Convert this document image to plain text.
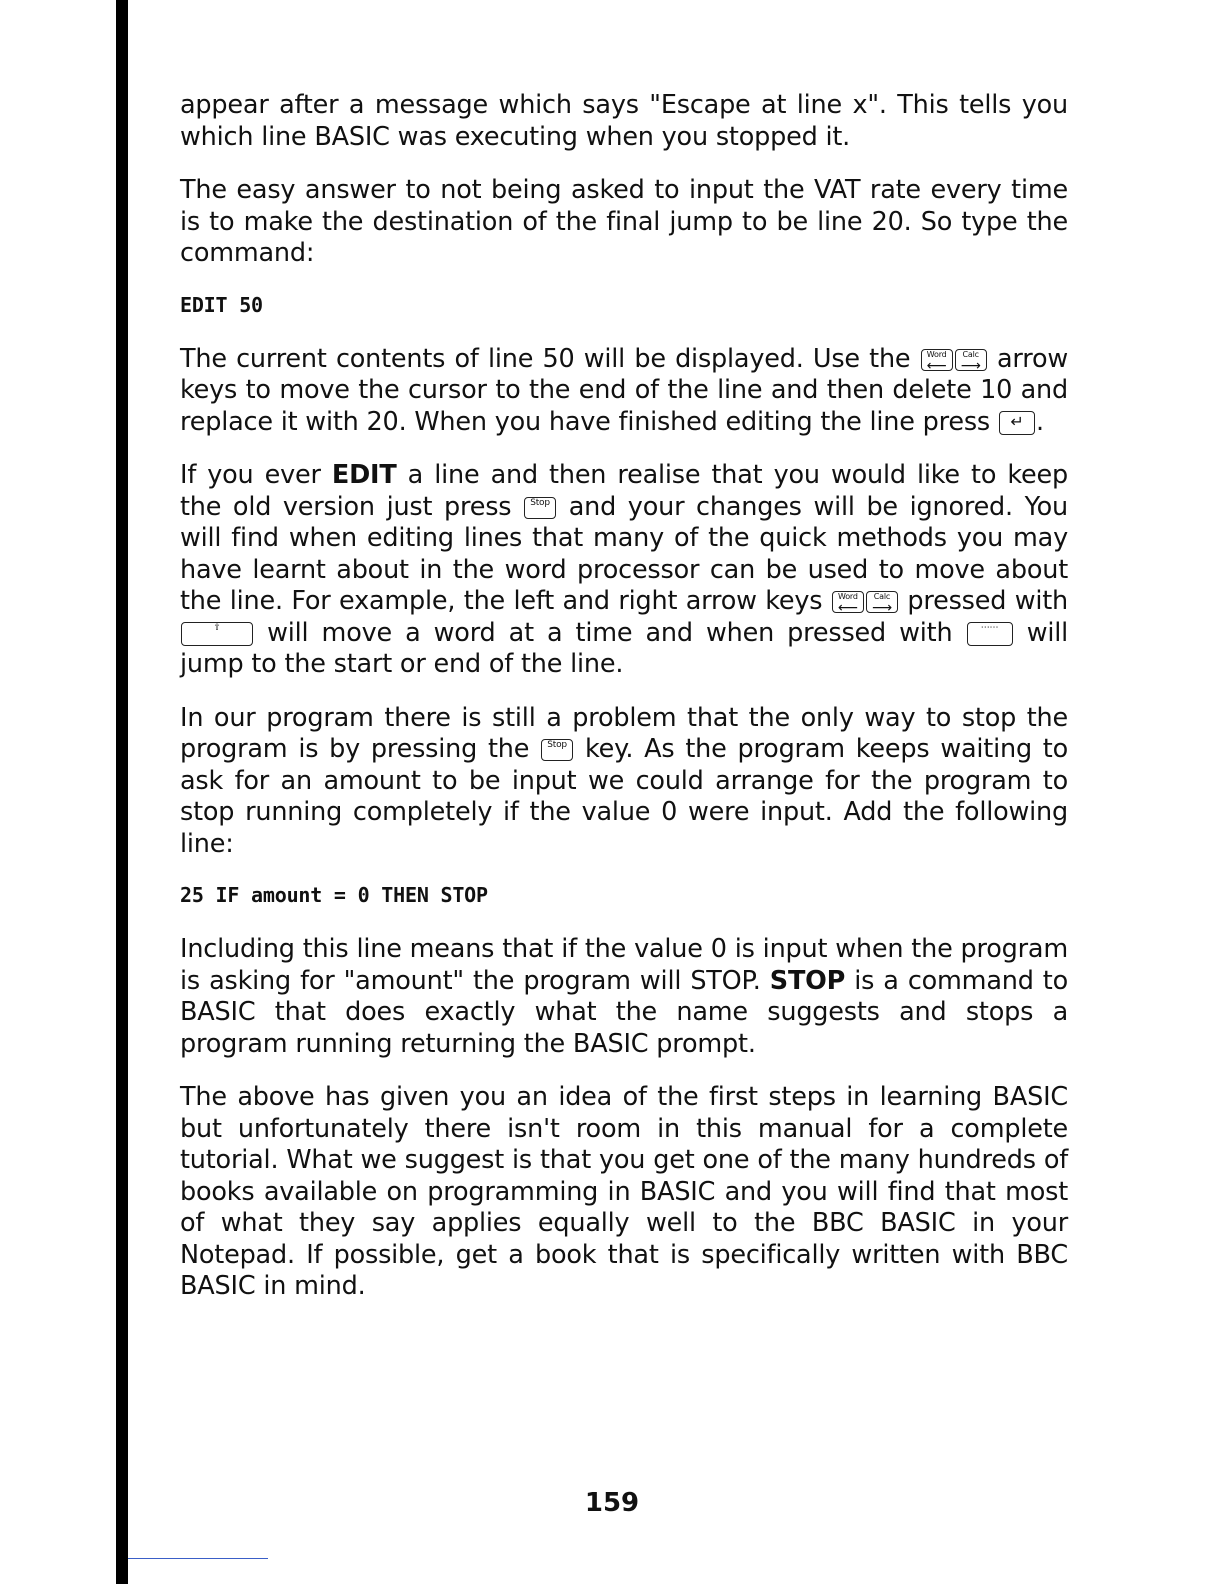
appear after a message which says "Escape at line x". This tells you which line BASIC was executing when you stopped it.

The easy answer to not being asked to input the VAT rate every time is to make the destination of the final jump to be line 20. So type the command:

EDIT 50

The current contents of line 50 will be displayed. Use the	Word
⟵
Calc
⟶ arrow keys to move the cursor to the end of the line and then delete 10 and replace it with 20. When you have finished editing the line press ↵ .

If you ever EDIT a line and then realise that you would like to keep the old version just press Stop and your changes will be ignored. You will find when editing lines that many of the quick methods you may have learnt about in the word processor can be used to move about the line. For example, the left and right arrow keys	Word
⟵
Calc
⟶ pressed with ⇧ will move a word at a time and when pressed with	⋯⋯ will jump to the start or end of the line.

In our program there is still a problem that the only way to stop the program is by pressing the Stop key. As the program keeps waiting to ask for an amount to be input we could arrange for the program to stop running completely if the value 0 were input. Add the following line:

25 IF amount = 0 THEN STOP

Including this line means that if the value 0 is input when the program is asking for "amount" the program will STOP. STOP is a command to BASIC that does exactly what the name suggests and stops a program running returning the BASIC prompt.

The above has given you an idea of the first steps in learning BASIC but unfortunately there isn't room in this manual for a complete tutorial. What we suggest is that you get one of the many hundreds of books available on programming in BASIC and you will find that most of what they say applies equally well to the BBC BASIC in your Notepad. If possible, get a book that is specifically written with BBC BASIC in mind.

159
